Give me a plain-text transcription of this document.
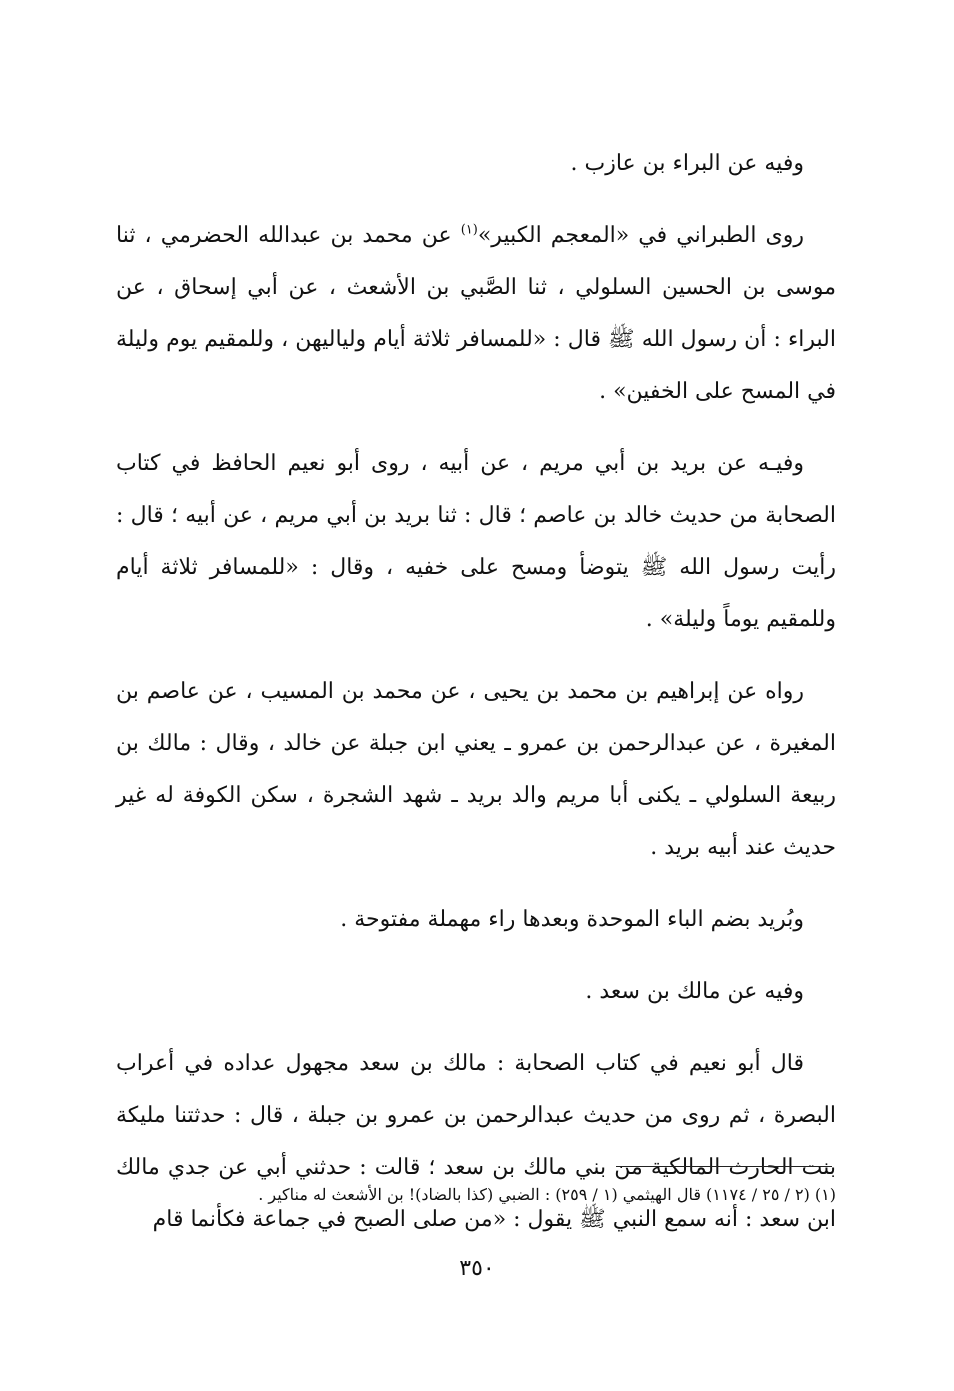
وفيه عن البراء بن عازب .

روى الطبراني في «المعجم الكبير»$^{(١)}$ عن محمد بن عبدالله الحضرمي ، ثنا موسى بن الحسين السلولي ، ثنا الصَّبي بن الأشعث ، عن أبي إسحاق ، عن البراء : أن رسول الله ﷺ قال : «للمسافر ثلاثة أيام ولياليهن ، وللمقيم يوم وليلة في المسح على الخفين» .

وفيـه عن بريد بن أبي مريم ، عن أبيه ، روى أبو نعيم الحافظ في كتاب الصحابة من حديث خالد بن عاصم ؛ قال : ثنا بريد بن أبي مريم ، عن أبيه ؛ قال : رأيت رسول الله ﷺ يتوضأ ومسح على خفيه ، وقال : «للمسافر ثلاثة أيام وللمقيم يوماً وليلة» .

رواه عن إبراهيم بن محمد بن يحيى ، عن محمد بن المسيب ، عن عاصم بن المغيرة ، عن عبدالرحمن بن عمرو ـ يعني ابن جبلة عن خالد ، وقال : مالك بن ربيعة السلولي ـ يكنى أبا مريم والد بريد ـ شهد الشجرة ، سكن الكوفة له غير حديث عند أبيه بريد .

وبُريد بضم الباء الموحدة وبعدها راء مهملة مفتوحة .

وفيه عن مالك بن سعد .

قال أبو نعيم في كتاب الصحابة : مالك بن سعد مجهول عداده في أعراب البصرة ، ثم روى من حديث عبدالرحمن بن عمرو بن جبلة ، قال : حدثتنا مليكة بنت الحارث المالكية من بني مالك بن سعد ؛ قالت : حدثني أبي عن جدي مالك ابن سعد : أنه سمع النبي ﷺ يقول : «من صلى الصبح في جماعة فكأنما قام

(١) (٢ / ٢٥ / ١١٧٤) قال الهيثمي (١ / ٢٥٩) : الضبي (كذا بالضاد)! بن الأشعث له مناكير .

٣٥٠
